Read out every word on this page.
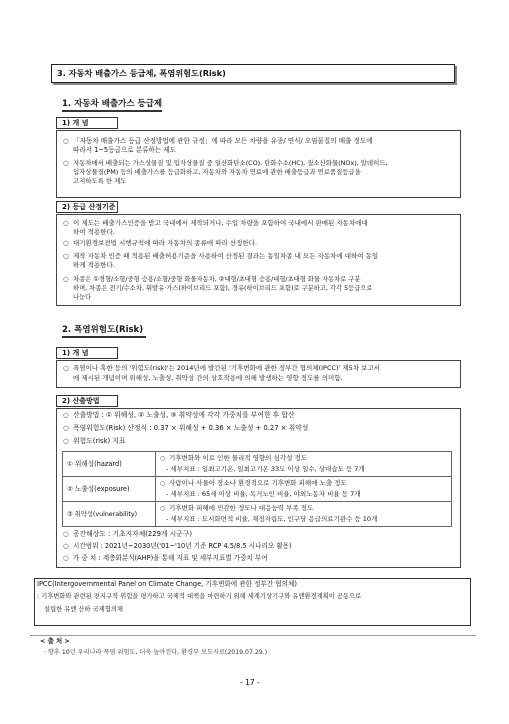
3. 자동차 배출가스 등급제, 폭염위험도(Risk)
1. 자동차 배출가스 등급제
1) 개 념
○ 「자동차 배출가스 등급 산정방법에 관한 규정」에 따라 모든 차량을 유종/ 연식/ 오염물질의 배출 정도에
따라서 1~5등급으로 분류하는 제도
○ 자동차에서 배출되는 가스상물질 및 입자상물질 중 일산화탄소(CO), 탄화수소(HC), 질소산화물(NOx), 알데히드,
입자상물질(PM) 등의 배출가스를 등급화하고, 자동차와 자동차 연료에 관한 배출등급과 연료품질등급을
고지하도록 한 제도
2) 등급 산정기준
○ 이 제도는 배출가스인증을 받고 국내에서 제작되거나, 수입 차량을 포함하여 국내에서 판매된 자동차에대
하여 적용한다.
○ 대기환경보전법 시행규칙에 따라 자동차의 종류에 따라 산정한다.
○ 제작 자동차 인증 때 적용된 배출허용기준을 사용하여 산정된 결과는 동일차종 내 모든 자동차에 대하여 동일
하게 적용한다.
○ 차종은 ①경형/소형/중형 승용/소형/중형 화물자동차, ②대형/초대형 승용/대형/초대형 화물 자동차로 구분
하며, 차종은 전기/수소차, 휘발유·가스(하이브리드 포함), 경유(하이브리드 포함)로 구분하고, 각각 5등급으로
나눈다
2. 폭염위험도(Risk)
1) 개 념
○ 폭염이나 혹한 등의 '위험도(risk)'는 2014년에 발간된 '기후변화에 관한 정부간 협의체(IPCC)' 제5차 보고서
에 제시된 개념이며 위해성, 노출성, 취약성 간의 상호작용에 의해 발생하는 영향 정도를 의미함.
2) 산출방법
○ 산출방법 : ① 위해성, ② 노출성, ③ 취약성에 각각 가중치를 부여한 후 합산
○ 폭염위험도(Risk) 산정식 : 0.37 × 위해성 + 0.36 × 노출성 + 0.27 × 취약성
○ 위험도(risk) 지표
① 위해성(hazard)
○ 기후변화와 이로 인한 물리적 영향의 심각성 정도
- 세부지표 : 일최고기온, 일최고기온 33도 이상 일수, 상대습도 등 7개
② 노출성(exposure)
○ 사람이나 사물이 장소나 환경적으로 기후변화 피해에 노출 정도
- 세부지표 : 65세 이상 비율, 독거노인 비율, 야외노동자 비율 등 7개
③ 취약성(vulnerability)
○ 기후변화 피해에 민감한 정도나 대응능력 부족 정도
- 세부지표 : 도시화면적 비율, 재정자립도, 인구당 응급의료기관수 등 10개
○ 공간해상도 : 기초지자체(229개 시군구)
○ 시간범위 : 2021년~2030년('01~'10년 기준 RCP 4.5/8.5 시나리오 활용)
○ 가 중 치 : 계층화분석(AHP)을 통해 지표 및 세부지표별 가중치 부여
IPCC(Intergovernmental Panel on Climate Change, 기후변화에 관한 정부간 협의체)
: 기후변화와 관련된 전지구적 위험을 평가하고 국제적 대책을 마련하기 위해 세계기상기구와 유엔환경계획이 공동으로
설립한 유엔 산하 국제협의체
< 출 처 >
· 향후 10년 우리나라 폭염 위험도, 더욱 높아진다, 환경부 보도자료(2019.07.29.)
- 17 -
